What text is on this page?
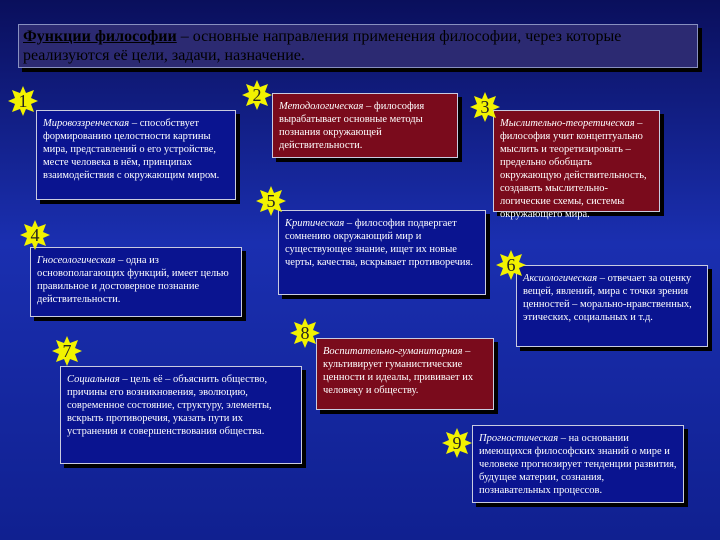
Функции философии – основные направления применения философии, через которые реализуются её цели, задачи, назначение.
Мировоззренческая – способствует формированию целостности картины мира, представлений о его устройстве, месте человека в нём, принципах взаимодействия с окружающим миром.
1	Методологическая – философия вырабатывает основные методы познания окружающей действительности.
2
Мыслительно-теоретическая – философия учит концептуально мыслить и теоретизировать – предельно обобщать окружающую действительность, создавать мыслительно-логические схемы, системы окружающего мира.
3
Гносеологическая – одна из основополагающих функций, имеет целью правильное и достоверное познание действительности.
4
Критическая – философия подвергает сомнению окружающий мир и существующее знание, ищет их новые черты, качества, вскрывает противоречия.
5
Аксиологическая – отвечает за оценку вещей, явлений, мира с точки зрения ценностей – морально-нравственных, этических, социальных и т.д.
6
Социальная – цель её – объяснить общество, причины его возникновения, эволюцию, современное состояние, структуру, элементы, вскрыть противоречия, указать пути их устранения и совершенствования общества.
7	Воспитательно-гуманитарная – культивирует гуманистические ценности и идеалы, прививает их человеку и обществу.
8
Прогностическая – на основании имеющихся философских знаний о мире и человеке прогнозирует тенденции развития, будущее материи, сознания, познавательных процессов.
9
